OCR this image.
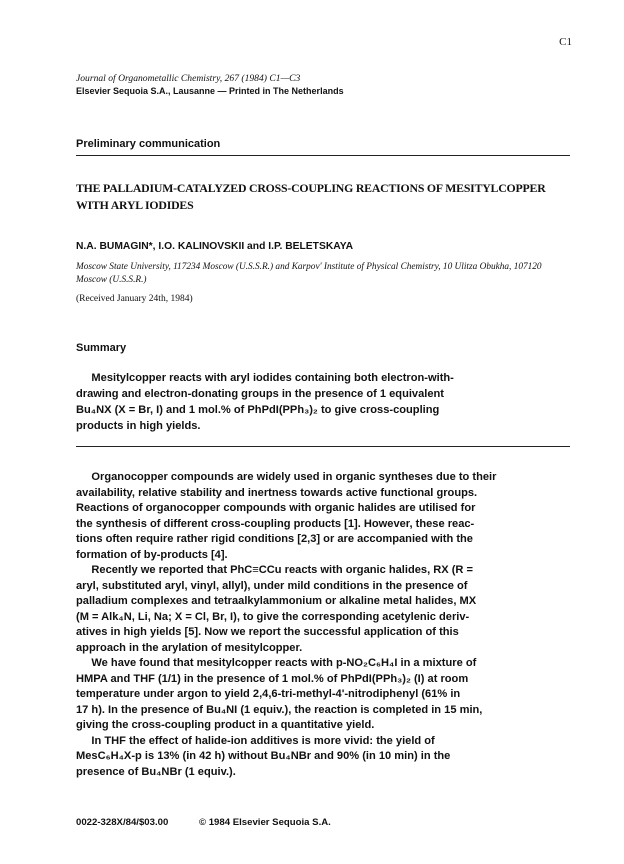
C1
Journal of Organometallic Chemistry, 267 (1984) C1—C3
Elsevier Sequoia S.A., Lausanne — Printed in The Netherlands
Preliminary communication
THE PALLADIUM-CATALYZED CROSS-COUPLING REACTIONS OF MESITYLCOPPER WITH ARYL IODIDES
N.A. BUMAGIN*, I.O. KALINOVSKII and I.P. BELETSKAYA
Moscow State University, 117234 Moscow (U.S.S.R.) and Karpov' Institute of Physical Chemistry, 10 Ulitza Obukha, 107120 Moscow (U.S.S.R.)
(Received January 24th, 1984)
Summary
Mesitylcopper reacts with aryl iodides containing both electron-with-
drawing and electron-donating groups in the presence of 1 equivalent
Bu₄NX (X = Br, I) and 1 mol.% of PhPdI(PPh₃)₂ to give cross-coupling
products in high yields.
Organocopper compounds are widely used in organic syntheses due to their
availability, relative stability and inertness towards active functional groups.
Reactions of organocopper compounds with organic halides are utilised for
the synthesis of different cross-coupling products [1]. However, these reac-
tions often require rather rigid conditions [2,3] or are accompanied with the
formation of by-products [4].
Recently we reported that PhC≡CCu reacts with organic halides, RX (R =
aryl, substituted aryl, vinyl, allyl), under mild conditions in the presence of
palladium complexes and tetraalkylammonium or alkaline metal halides, MX
(M = Alk₄N, Li, Na; X = Cl, Br, I), to give the corresponding acetylenic deriv-
atives in high yields [5]. Now we report the successful application of this
approach in the arylation of mesitylcopper.
We have found that mesitylcopper reacts with p-NO₂C₆H₄I in a mixture of
HMPA and THF (1/1) in the presence of 1 mol.% of PhPdI(PPh₃)₂ (I) at room
temperature under argon to yield 2,4,6-tri-methyl-4'-nitrodiphenyl (61% in
17 h). In the presence of Bu₄NI (1 equiv.), the reaction is completed in 15 min,
giving the cross-coupling product in a quantitative yield.
In THF the effect of halide-ion additives is more vivid: the yield of
MesC₆H₄X-p is 13% (in 42 h) without Bu₄NBr and 90% (in 10 min) in the
presence of Bu₄NBr (1 equiv.).
0022-328X/84/$03.00	© 1984 Elsevier Sequoia S.A.
